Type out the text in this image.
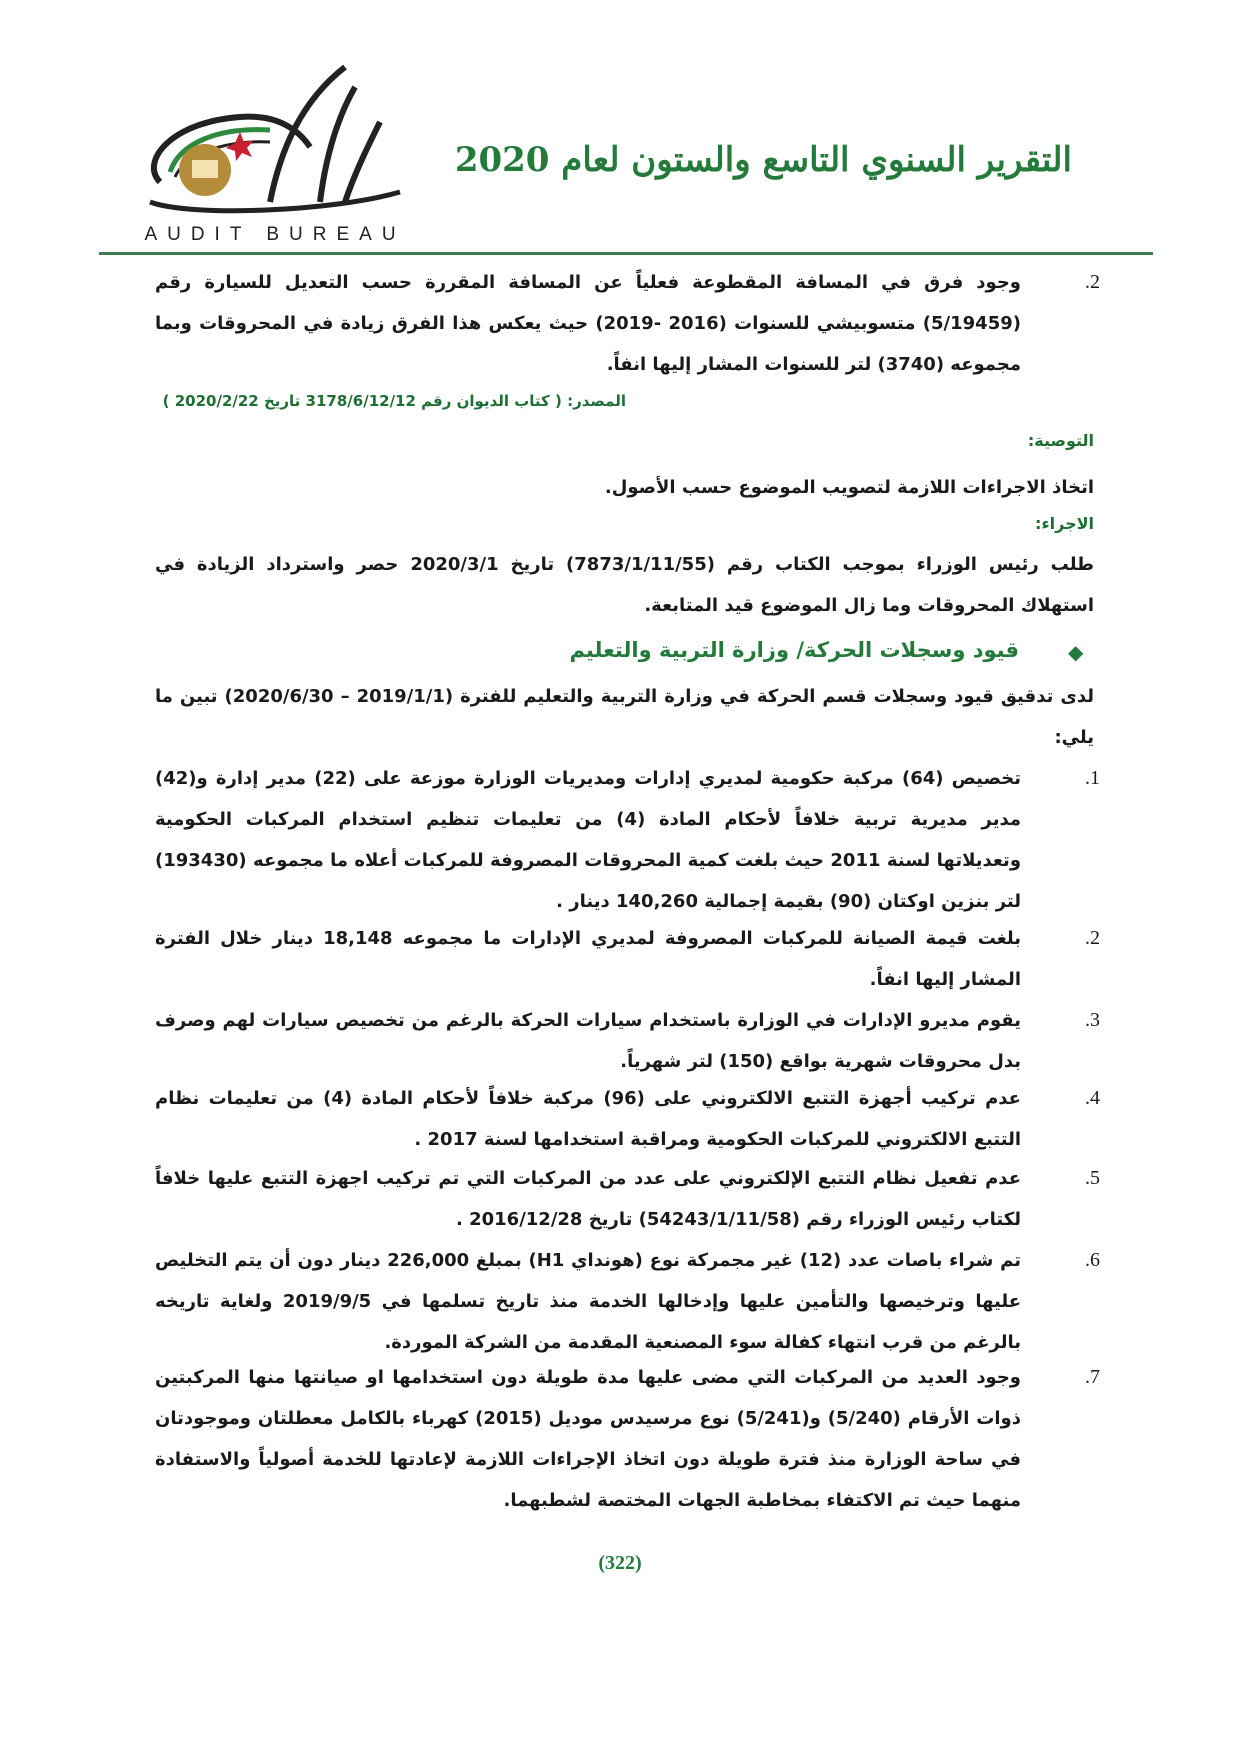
AUDIT BUREAU
التقرير السنوي التاسع والستون لعام 2020
.2
وجود فرق في المسافة المقطوعة فعلياً عن المسافة المقررة حسب التعديل للسيارة رقم (5/19459) متسوبيشي للسنوات (2016 -2019) حيث يعكس هذا الفرق زيادة في المحروقات وبما مجموعه (3740) لتر للسنوات المشار إليها انفاً.
المصدر: ( كتاب الديوان رقم 3178/6/12/12 تاريخ 2020/2/22 )
التوصية:
اتخاذ الاجراءات اللازمة لتصويب الموضوع حسب الأصول.
الاجراء:
طلب رئيس الوزراء بموجب الكتاب رقم (7873/1/11/55) تاريخ 2020/3/1 حصر واسترداد الزيادة في استهلاك المحروقات وما زال الموضوع قيد المتابعة.
◆
قيود وسجلات الحركة/ وزارة التربية والتعليم
لدى تدقيق قيود وسجلات قسم الحركة في وزارة التربية والتعليم للفترة (2019/1/1 – 2020/6/30) تبين ما يلي:
.1
تخصيص (64) مركبة حكومية لمديري إدارات ومديريات الوزارة موزعة على (22) مدير إدارة و(42) مدير مديرية تربية خلافاً لأحكام المادة (4) من تعليمات تنظيم استخدام المركبات الحكومية وتعديلاتها لسنة 2011 حيث بلغت كمية المحروقات المصروفة للمركبات أعلاه ما مجموعه (193430) لتر بنزين اوكتان (90) بقيمة إجمالية 140,260 دينار .
.2
بلغت قيمة الصيانة للمركبات المصروفة لمديري الإدارات ما مجموعه 18,148 دينار خلال الفترة المشار إليها انفاً.
.3
يقوم مديرو الإدارات في الوزارة باستخدام سيارات الحركة بالرغم من تخصيص سيارات لهم وصرف بدل محروقات شهرية بواقع (150) لتر شهرياً.
.4
عدم تركيب أجهزة التتبع الالكتروني على (96) مركبة خلافاً لأحكام المادة (4) من تعليمات نظام التتبع الالكتروني للمركبات الحكومية ومراقبة استخدامها لسنة 2017 .
.5
عدم تفعيل نظام التتبع الإلكتروني على عدد من المركبات التي تم تركيب اجهزة التتبع عليها خلافاً لكتاب رئيس الوزراء رقم (54243/1/11/58) تاريخ 2016/12/28 .
.6
تم شراء باصات عدد (12) غير مجمركة نوع (هونداي H1) بمبلغ 226,000 دينار دون أن يتم التخليص عليها وترخيصها والتأمين عليها وإدخالها الخدمة منذ تاريخ تسلمها في 2019/9/5 ولغاية تاريخه بالرغم من قرب انتهاء كفالة سوء المصنعية المقدمة من الشركة الموردة.
.7
وجود العديد من المركبات التي مضى عليها مدة طويلة دون استخدامها او صيانتها منها المركبتين ذوات الأرقام (5/240) و(5/241) نوع مرسيدس موديل (2015) كهرباء بالكامل معطلتان وموجودتان في ساحة الوزارة منذ فترة طويلة دون اتخاذ الإجراءات اللازمة لإعادتها للخدمة أصولياً والاستفادة منهما حيث تم الاكتفاء بمخاطبة الجهات المختصة لشطبهما.
(322)
